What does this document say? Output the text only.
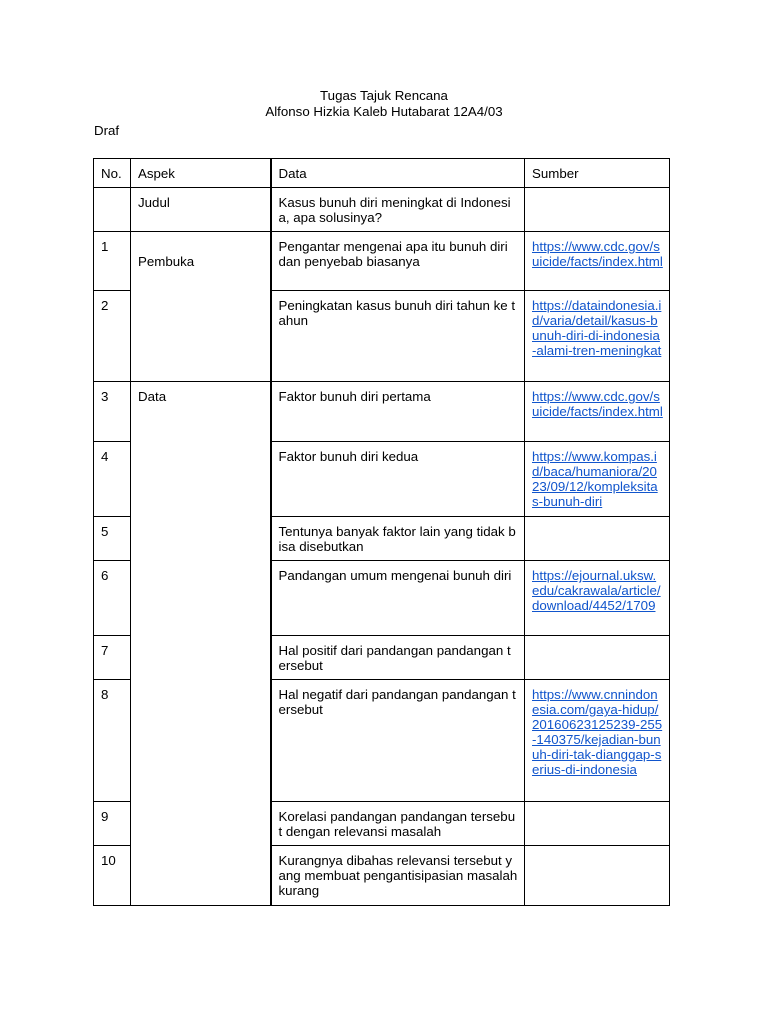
Tugas Tajuk Rencana
Alfonso Hizkia Kaleb Hutabarat 12A4/03
Draf
No.	Aspek	Data	Sumber
	Judul	Kasus bunuh diri meningkat di Indonesia, apa solusinya?	
1	Pembuka	Pengantar mengenai apa itu bunuh diri dan penyebab biasanya	https://www.cdc.gov/suicide/facts/index.html
2		Peningkatan kasus bunuh diri tahun ke tahun	https://dataindonesia.id/varia/detail/kasus-bunuh-diri-di-indonesia-alami-tren-meningkat
3	Data	Faktor bunuh diri pertama	https://www.cdc.gov/suicide/facts/index.html
4		Faktor bunuh diri kedua	https://www.kompas.id/baca/humaniora/2023/09/12/kompleksitas-bunuh-diri
5		Tentunya banyak faktor lain yang tidak bisa disebutkan	
6		Pandangan umum mengenai bunuh diri	https://ejournal.uksw.edu/cakrawala/article/download/4452/1709
7		Hal positif dari pandangan pandangan tersebut	
8		Hal negatif dari pandangan pandangan tersebut	https://www.cnnindonesia.com/gaya-hidup/20160623125239-255-140375/kejadian-bunuh-diri-tak-dianggap-serius-di-indonesia
9		Korelasi pandangan pandangan tersebut dengan relevansi masalah	
10		Kurangnya dibahas relevansi tersebut yang membuat pengantisipasian masalah kurang	
